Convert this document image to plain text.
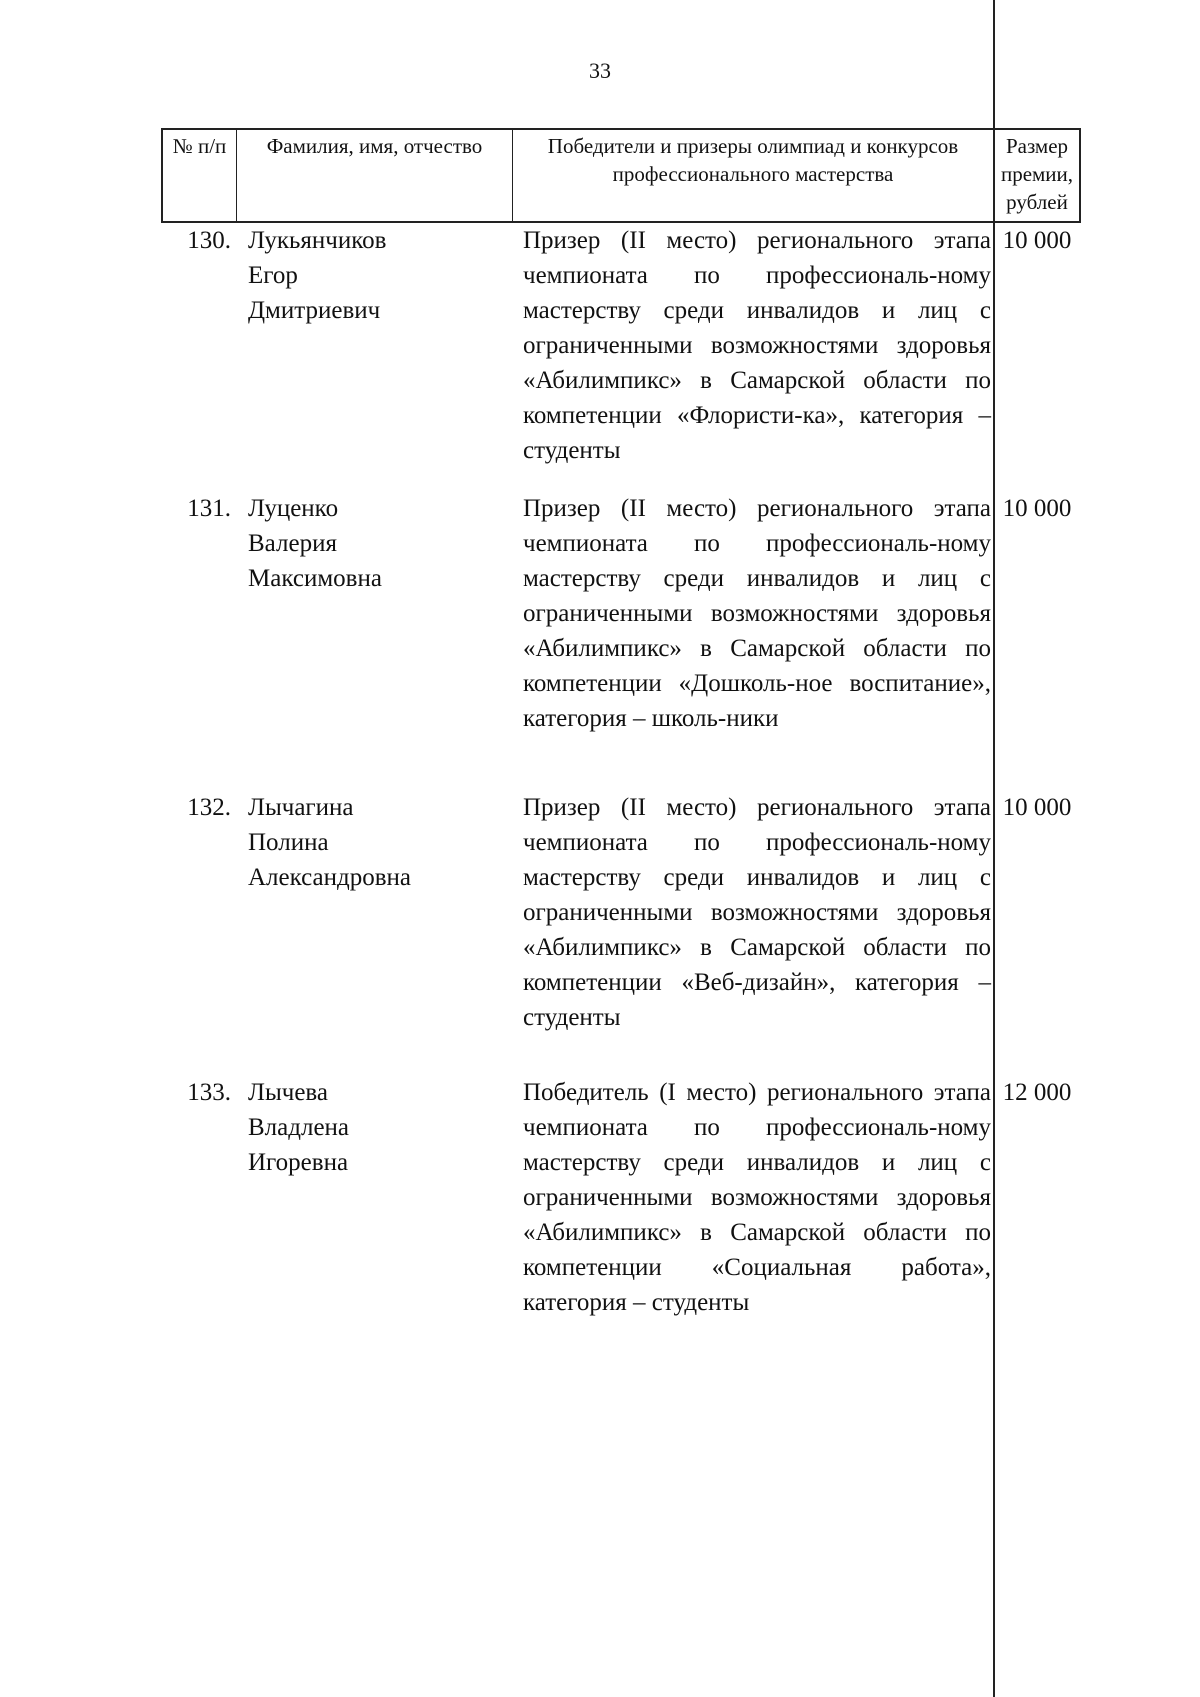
33
№ п/п	Фамилия, имя, отчество	Победители и призеры олимпиад и конкурсов профессионального мастерства
Размер премии, рублей
130. Лукьянчиков
Егор
Дмитриевич
Призер (II место) регионального этапа чемпионата по профессиональ-ному мастерству среди инвалидов и лиц с ограниченными возможностями здоровья «Абилимпикс» в Самарской области по компетенции «Флористи-ка», категория – студенты
10 000
131. Луценко
Валерия
Максимовна
Призер (II место) регионального этапа чемпионата по профессиональ-ному мастерству среди инвалидов и лиц с ограниченными возможностями здоровья «Абилимпикс» в Самарской области по компетенции «Дошколь-ное воспитание», категория – школь-ники
10 000
132. Лычагина
Полина
Александровна
Призер (II место) регионального этапа чемпионата по профессиональ-ному мастерству среди инвалидов и лиц с ограниченными возможностями здоровья «Абилимпикс» в Самарской области по компетенции «Веб-дизайн», категория – студенты
10 000
133. Лычева
Владлена
Игоревна
Победитель (I место) регионального этапа чемпионата по профессиональ-ному мастерству среди инвалидов и лиц с ограниченными возможностями здоровья «Абилимпикс» в Самарской области по компетенции «Социальная работа», категория – студенты
12 000
